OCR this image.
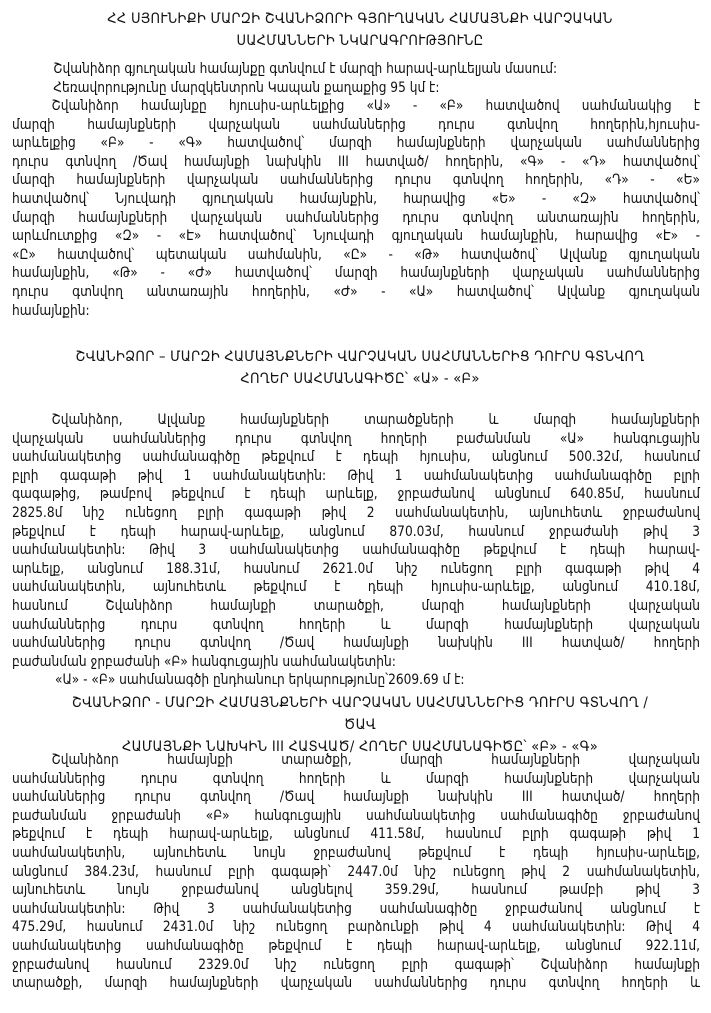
ՀՀ ՍՅՈՒՆԻՔԻ ՄԱՐԶԻ ՇՎԱՆԻՁՈՐԻ ԳՅՈՒՂԱԿԱՆ ՀԱՄԱՅՆՔԻ ՎԱՐՉԱԿԱՆ
ՍԱՀՄԱՆՆԵՐԻ ՆԿԱՐԱԳՐՈՒԹՅՈՒՆԸ
Շվանիձոր գյուղական համայնքը գտնվում է մարզի հարավ-արևելյան մասում:
Հեռավորությունը մարզկենտրոն Կապան քաղաքից 95 կմ է:
Շվանիձոր համայնքը հյուսիս-արևելքից «Ա» - «Բ» հատվածով սահմանակից է
մարզի համայնքների վարչական սահմաններից դուրս գտնվող հողերին,հյուսիս-
արևելքից «Բ» - «Գ» հատվածով՝ մարզի համայնքների վարչական սահմաններից
դուրս գտնվող /Ծավ համայնքի նախկին III հատված/ հողերին, «Գ» - «Դ» հատվածով՝
մարզի համայնքների վարչական սահմաններից դուրս գտնվող հողերին, «Դ» - «Ե»
հատվածով՝ Նյուվադի գյուղական համայնքին, հարավից «Ե» - «Զ» հատվածով՝
մարզի համայնքների վարչական սահմաններից դուրս գտնվող անտառային հողերին,
արևմուտքից «Զ» - «Է» հատվածով՝ Նյուվադի գյուղական համայնքին, հարավից «Է» -
«Ը» հատվածով՝ պետական սահմանին, «Ը» - «Թ» հատվածով՝ Ալվանք գյուղական
համայնքին, «Թ» - «Ժ» հատվածով՝ մարզի համայնքների վարչական սահմաններից
դուրս գտնվող անտառային հողերին, «Ժ» - «Ա» հատվածով՝ Ալվանք գյուղական
համայնքին:
ՇՎԱՆԻՁՈՐ – ՄԱՐԶԻ ՀԱՄԱՅՆՔՆԵՐԻ ՎԱՐՉԱԿԱՆ ՍԱՀՄԱՆՆԵՐԻՑ ԴՈՒՐՍ ԳՏՆՎՈՂ
ՀՈՂԵՐ ՍԱՀՄԱՆԱԳԻԾԸ՝ «Ա» - «Բ»
Շվանիձոր, Ալվանք համայնքների տարածքների և մարզի համայնքների
վարչական սահմաններից դուրս գտնվող հողերի բաժանման «Ա» հանգուցային
սահմանակետից սահմանագիծը թեքվում է դեպի հյուսիս, անցնում 500.32մ, հասնում
բլրի գագաթի թիվ 1 սահմանակետին: Թիվ 1 սահմանակետից սահմանագիծը բլրի
գագաթից, թամբով թեքվում է դեպի արևելք, ջրբաժանով անցնում 640.85մ, հասնում
2825.8մ նիշ ունեցող բլրի գագաթի թիվ 2 սահմանակետին, այնուհետև ջրբաժանով
թեքվում է դեպի հարավ-արևելք, անցնում 870.03մ, հասնում ջրբաժանի թիվ 3
սահմանակետին: Թիվ 3 սահմանակետից սահմանագիծը թեքվում է դեպի հարավ-
արևելք, անցնում 188.31մ, հասնում 2621.0մ նիշ ունեցող բլրի գագաթի թիվ 4
սահմանակետին, այնուհետև թեքվում է դեպի հյուսիս-արևելք, անցնում 410.18մ,
հասնում Շվանիձոր համայնքի տարածքի, մարզի համայնքների վարչական
սահմաններից դուրս գտնվող հողերի և մարզի համայնքների վարչական
սահմաններից դուրս գտնվող /Ծավ համայնքի նախկին III հատված/ հողերի
բաժանման ջրբաժանի «Բ» հանգուցային սահմանակետին:
«Ա» - «Բ» սահմանագծի ընդհանուր երկարությունը՝2609.69 մ է:
ՇՎԱՆԻՁՈՐ - ՄԱՐԶԻ ՀԱՄԱՅՆՔՆԵՐԻ ՎԱՐՉԱԿԱՆ ՍԱՀՄԱՆՆԵՐԻՑ ԴՈՒՐՍ ԳՏՆՎՈՂ /ԾԱՎ
ՀԱՄԱՅՆՔԻ ՆԱԽԿԻՆ III ՀԱՏՎԱԾ/ ՀՈՂԵՐ ՍԱՀՄԱՆԱԳԻԾԸ՝ «Բ» - «Գ»
Շվանիձոր համայնքի տարածքի, մարզի համայնքների վարչական
սահմաններից դուրս գտնվող հողերի և մարզի համայնքների վարչական
սահմաններից դուրս գտնվող /Ծավ համայնքի նախկին III հատված/ հողերի
բաժանման ջրբաժանի «Բ» հանգուցային սահմանակետից սահմանագիծը ջրբաժանով
թեքվում է դեպի հարավ-արևելք, անցնում 411.58մ, հասնում բլրի գագաթի թիվ 1
սահմանակետին, այնուհետև նույն ջրբաժանով թեքվում է դեպի հյուսիս-արևելք,
անցնում 384.23մ, հասնում բլրի գագաթի՝ 2447.0մ նիշ ունեցող թիվ 2 սահմանակետին,
այնուհետև նույն ջրբաժանով անցնելով 359.29մ, հասնում թամբի թիվ 3
սահմանակետին: Թիվ 3 սահմանակետից սահմանագիծը ջրբաժանով անցնում է
475.29մ, հասնում 2431.0մ նիշ ունեցող բարձունքի թիվ 4 սահմանակետին: Թիվ 4
սահմանակետից սահմանագիծը թեքվում է դեպի հարավ-արևելք, անցնում 922.11մ,
ջրբաժանով հասնում 2329.0մ նիշ ունեցող բլրի գագաթի՝ Շվանիձոր համայնքի
տարածքի, մարզի համայնքների վարչական սահմաններից դուրս գտնվող հողերի և
